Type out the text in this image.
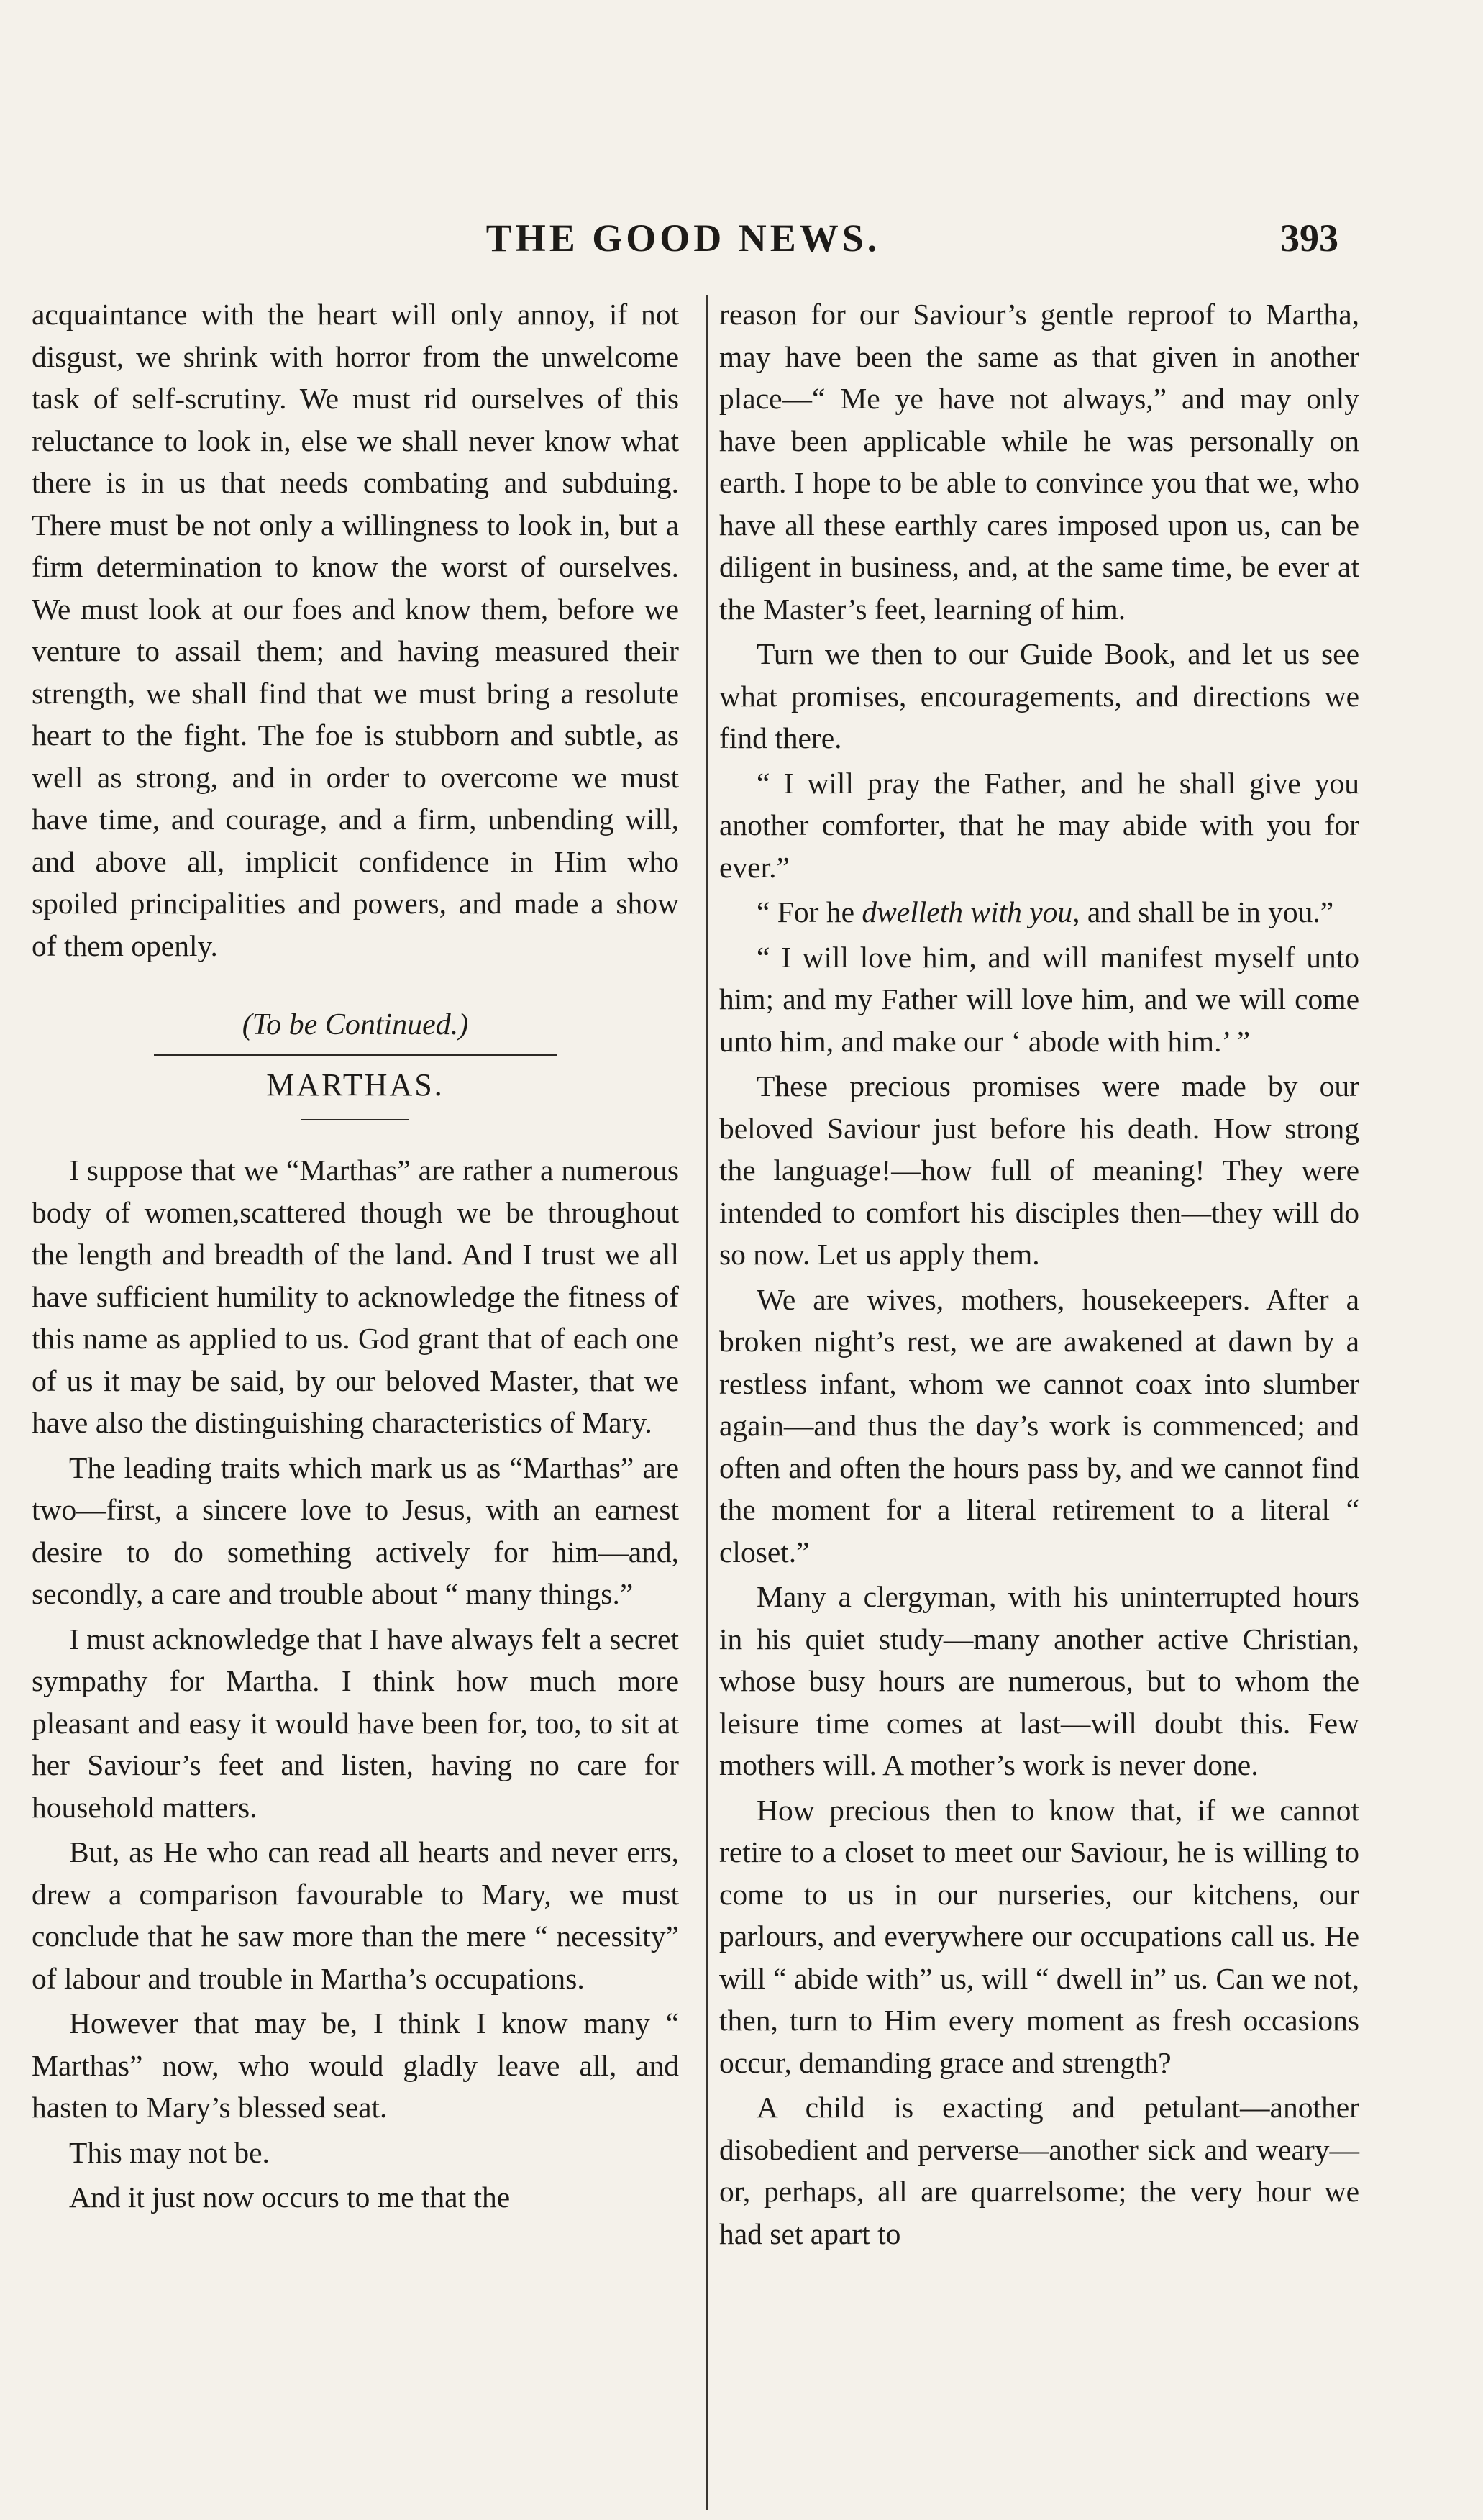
THE GOOD NEWS.	393

acquaintance with the heart will only annoy, if not disgust, we shrink with horror from the unwelcome task of self-scrutiny. We must rid ourselves of this reluctance to look in, else we shall never know what there is in us that needs combating and subduing. There must be not only a willingness to look in, but a firm determination to know the worst of ourselves. We must look at our foes and know them, before we venture to assail them; and having measured their strength, we shall find that we must bring a resolute heart to the fight. The foe is stubborn and subtle, as well as strong, and in order to overcome we must have time, and courage, and a firm, unbending will, and above all, implicit confidence in Him who spoiled principalities and powers, and made a show of them openly.

(To be Continued.)
MARTHAS.

I suppose that we “Marthas” are rather a numerous body of women,scattered though we be throughout the length and breadth of the land. And I trust we all have sufficient humility to acknowledge the fitness of this name as applied to us. God grant that of each one of us it may be said, by our beloved Master, that we have also the distinguishing characteristics of Mary.

The leading traits which mark us as “Marthas” are two—first, a sincere love to Jesus, with an earnest desire to do something actively for him—and, secondly, a care and trouble about “ many things.”

I must acknowledge that I have always felt a secret sympathy for Martha. I think how much more pleasant and easy it would have been for, too, to sit at her Saviour’s feet and listen, having no care for household matters.

But, as He who can read all hearts and never errs, drew a comparison favourable to Mary, we must conclude that he saw more than the mere “ necessity” of labour and trouble in Martha’s occupations.

However that may be, I think I know many “ Marthas” now, who would gladly leave all, and hasten to Mary’s blessed seat.

This may not be.

And it just now occurs to me that the

reason for our Saviour’s gentle reproof to Martha, may have been the same as that given in another place—“ Me ye have not always,” and may only have been applicable while he was personally on earth. I hope to be able to convince you that we, who have all these earthly cares imposed upon us, can be diligent in business, and, at the same time, be ever at the Master’s feet, learning of him.

Turn we then to our Guide Book, and let us see what promises, encouragements, and directions we find there.

“ I will pray the Father, and he shall give you another comforter, that he may abide with you for ever.”

“ For he dwelleth with you, and shall be in you.”

“ I will love him, and will manifest myself unto him; and my Father will love him, and we will come unto him, and make our ‘ abode with him.’ ”

These precious promises were made by our beloved Saviour just before his death. How strong the language!—how full of meaning! They were intended to comfort his disciples then—they will do so now. Let us apply them.

We are wives, mothers, housekeepers. After a broken night’s rest, we are awakened at dawn by a restless infant, whom we cannot coax into slumber again—and thus the day’s work is commenced; and often and often the hours pass by, and we cannot find the moment for a literal retirement to a literal “ closet.”

Many a clergyman, with his uninterrupted hours in his quiet study—many another active Christian, whose busy hours are numerous, but to whom the leisure time comes at last—will doubt this. Few mothers will. A mother’s work is never done.

How precious then to know that, if we cannot retire to a closet to meet our Saviour, he is willing to come to us in our nurseries, our kitchens, our parlours, and everywhere our occupations call us. He will “ abide with” us, will “ dwell in” us. Can we not, then, turn to Him every moment as fresh occasions occur, demanding grace and strength?

A child is exacting and petulant—another disobedient and perverse—another sick and weary—or, perhaps, all are quarrelsome; the very hour we had set apart to
